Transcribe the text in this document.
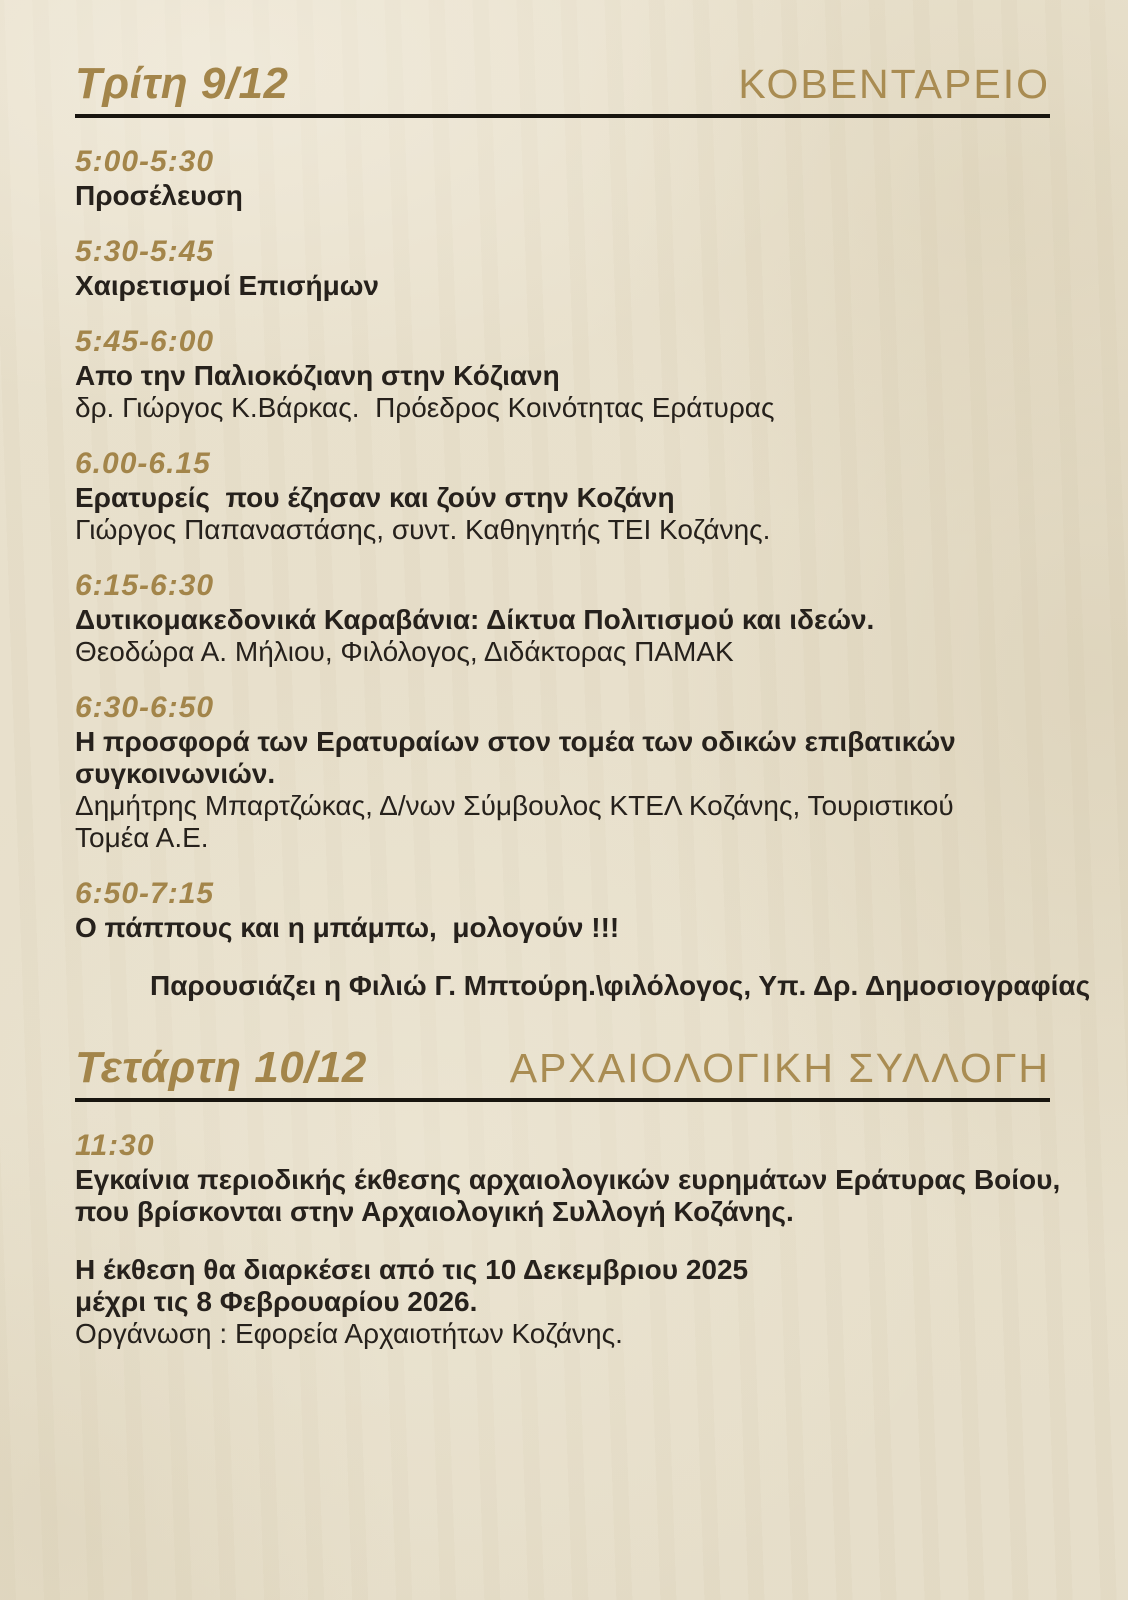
Τρίτη 9/12	ΚΟΒΕΝΤΑΡΕΙΟ
5:00-5:30
Προσέλευση
5:30-5:45
Χαιρετισμοί Επισήμων
5:45-6:00
Απο την Παλιοκόζιανη στην Κόζιανη
δρ. Γιώργος Κ.Βάρκας.  Πρόεδρος Κοινότητας Εράτυρας
6.00-6.15
Ερατυρείς  που έζησαν και ζούν στην Κοζάνη
Γιώργος Παπαναστάσης, συντ. Καθηγητής ΤΕΙ Κοζάνης.
6:15-6:30
Δυτικομακεδονικά Καραβάνια: Δίκτυα Πολιτισμού και ιδεών.
Θεοδώρα Α. Μήλιου, Φιλόλογος, Διδάκτορας ΠΑΜΑΚ
6:30-6:50
Η προσφορά των Ερατυραίων στον τομέα των οδικών επιβατικών
συγκοινωνιών.
Δημήτρης Μπαρτζώκας, Δ/νων Σύμβουλος ΚΤΕΛ Κοζάνης, Τουριστικού
Τομέα Α.Ε.
6:50-7:15
Ο πάππους και η μπάμπω,  μολογούν !!!
Παρουσιάζει η Φιλιώ Γ. Μπτούρη.\φιλόλογος, Υπ. Δρ. Δημοσιογραφίας
Τετάρτη 10/12	ΑΡΧΑΙΟΛΟΓΙΚΗ ΣΥΛΛΟΓΗ
11:30
Εγκαίνια περιοδικής έκθεσης αρχαιολογικών ευρημάτων Εράτυρας Βοίου,
που βρίσκονται στην Αρχαιολογική Συλλογή Κοζάνης.
Η έκθεση θα διαρκέσει από τις 10 Δεκεμβριου 2025
μέχρι τις 8 Φεβρουαρίου 2026.
Οργάνωση : Εφορεία Αρχαιοτήτων Κοζάνης.
